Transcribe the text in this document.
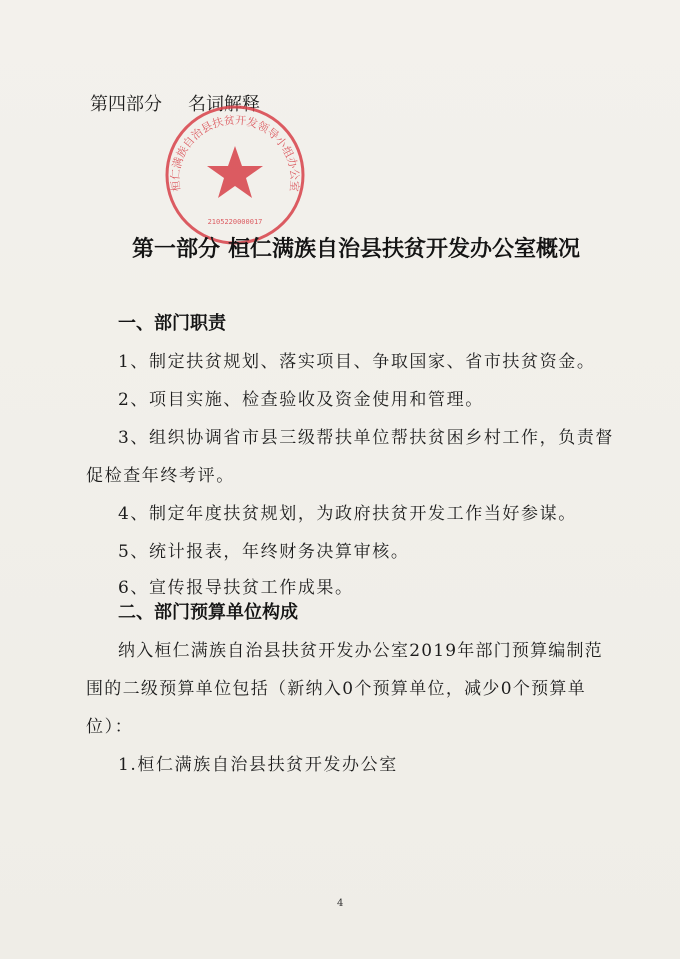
第四部分 名词解释
桓仁满族自治县扶贫开发领导小组办公室
2105220000017
第一部分 桓仁满族自治县扶贫开发办公室概况
一、部门职责
1、制定扶贫规划、落实项目、争取国家、省市扶贫资金。
2、项目实施、检查验收及资金使用和管理。
3、组织协调省市县三级帮扶单位帮扶贫困乡村工作，负责督
促检查年终考评。
4、制定年度扶贫规划，为政府扶贫开发工作当好参谋。
5、统计报表，年终财务决算审核。
6、宣传报导扶贫工作成果。
二、部门预算单位构成
纳入桓仁满族自治县扶贫开发办公室2019年部门预算编制范
围的二级预算单位包括（新纳入0个预算单位，减少0个预算单
位）：
1.桓仁满族自治县扶贫开发办公室
4
